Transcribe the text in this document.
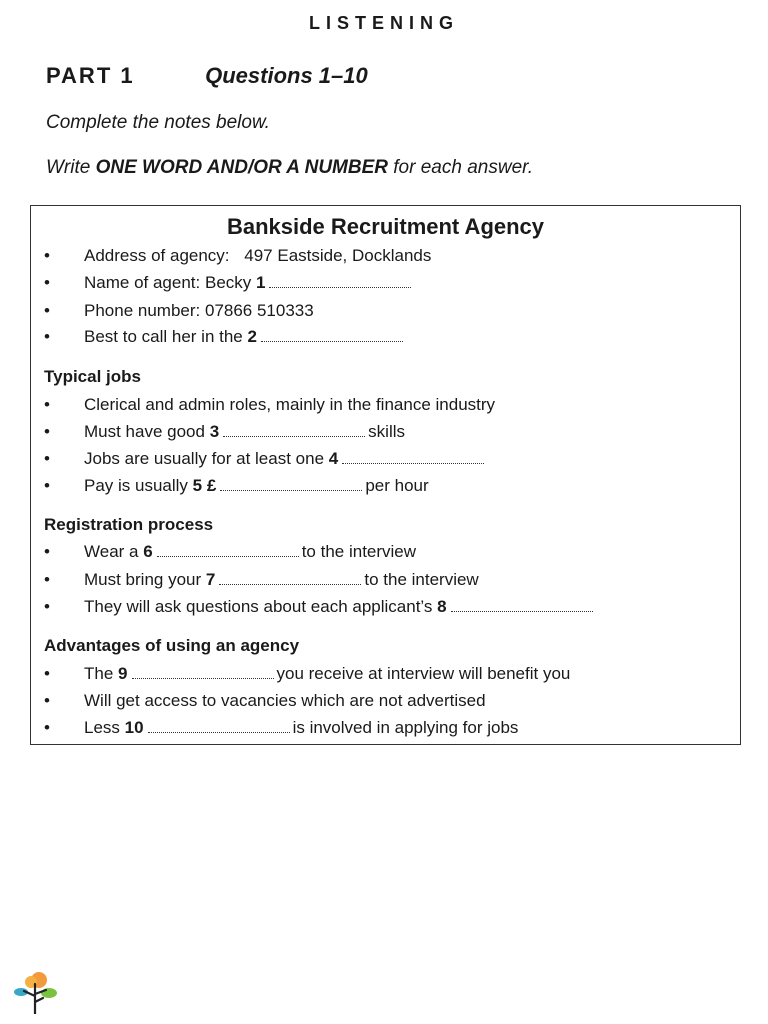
LISTENING
PART 1	Questions 1–10
Complete the notes below.
Write ONE WORD AND/OR A NUMBER for each answer.
Bankside Recruitment Agency
• Address of agency: 497 Eastside, Docklands
• Name of agent: Becky 1
• Phone number: 07866 510333
• Best to call her in the 2
Typical jobs
• Clerical and admin roles, mainly in the finance industry
• Must have good 3	skills
• Jobs are usually for at least one 4
• Pay is usually 5 £	per hour
Registration process
• Wear a 6	to the interview
• Must bring your 7	to the interview
• They will ask questions about each applicant’s 8
Advantages of using an agency
• The 9	you receive at interview will benefit you
• Will get access to vacancies which are not advertised
• Less 10	is involved in applying for jobs
